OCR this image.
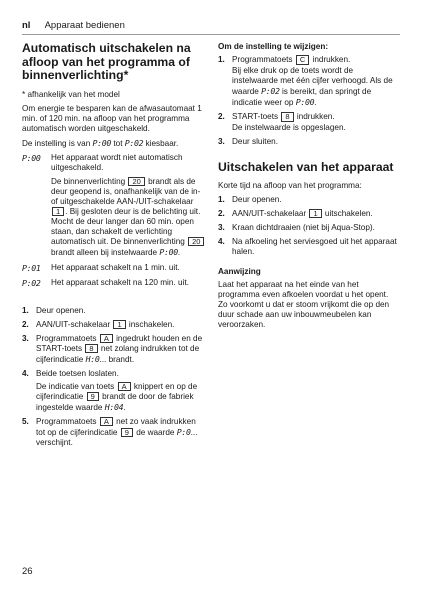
nl Apparaat bedienen
Automatisch uitschakelen na afloop van het programma of binnenverlichting*
* afhankelijk van het model
Om energie te besparen kan de afwasautomaat 1 min. of 120 min. na afloop van het programma automatisch worden uitgeschakeld.
De instelling is van P:00 tot P:02 kiesbaar.
P:00	Het apparaat wordt niet automatisch uitgeschakeld.
De binnenverlichting 20 brandt als de deur geopend is, onafhankelijk van de in- of uitgeschakelde AAN-/UIT-schakelaar 1 . Bij gesloten deur is de belichting uit. Mocht de deur langer dan 60 min. open staan, dan schakelt de verlichting automatisch uit. De binnenverlichting 20 brandt alleen bij instelwaarde P:00.
P:01	Het apparaat schakelt na 1 min. uit.
P:02	Het apparaat schakelt na 120 min. uit.
1. Deur openen.
2. AAN/UIT-schakelaar 1 inschakelen.
3. Programmatoets A ingedrukt houden en de START-toets 8 net zolang indrukken tot de cijferindicatie H:0... brandt.
4. Beide toetsen loslaten.
De indicatie van toets A knippert en op de cijferindicatie 9 brandt de door de fabriek ingestelde waarde H:04.
5. Programmatoets A net zo vaak indrukken tot op de cijferindicatie 9 de waarde P:0... verschijnt.
Om de instelling te wijzigen:
1. Programmatoets C indrukken.
Bij elke druk op de toets wordt de instelwaarde met één cijfer verhoogd. Als de waarde P:02 is bereikt, dan springt de indicatie weer op P:00.
2. START-toets 8 indrukken.
De instelwaarde is opgeslagen.
3. Deur sluiten.
Uitschakelen van het apparaat
Korte tijd na afloop van het programma:
1. Deur openen.
2. AAN/UIT-schakelaar 1 uitschakelen.
3. Kraan dichtdraaien (niet bij Aqua-Stop).
4. Na afkoeling het serviesgoed uit het apparaat halen.
Aanwijzing
Laat het apparaat na het einde van het programma even afkoelen voordat u het opent. Zo voorkomt u dat er stoom vrijkomt die op den duur schade aan uw inbouwmeubelen kan veroorzaken.
26
